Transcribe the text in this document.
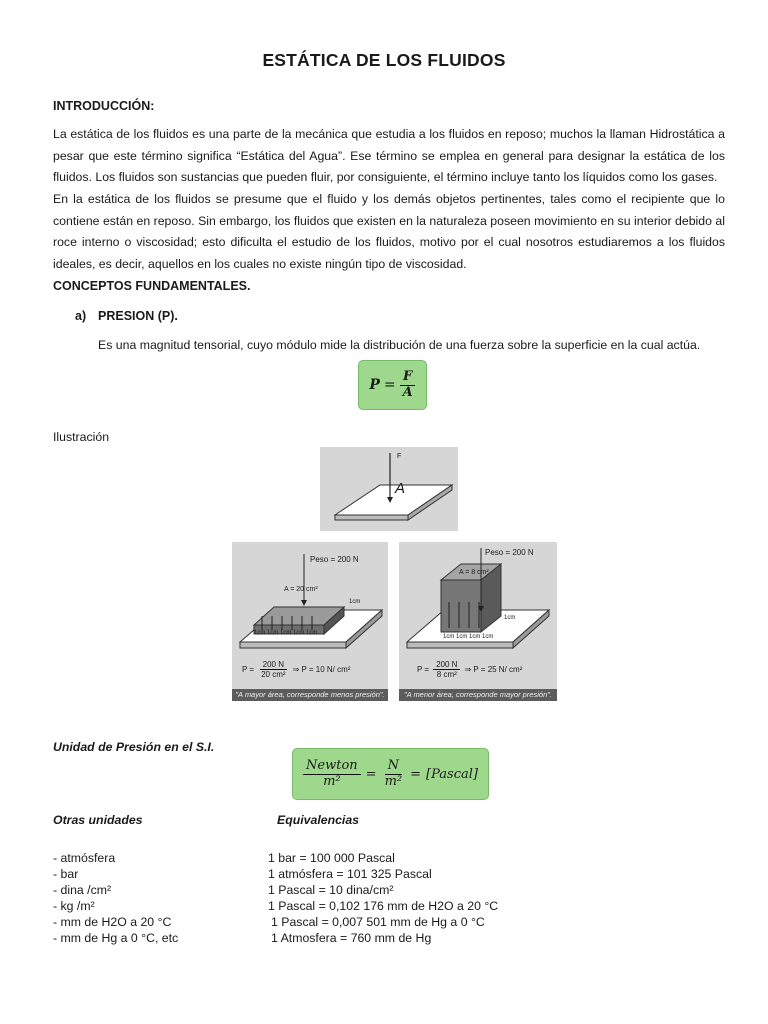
ESTÁTICA DE LOS FLUIDOS
INTRODUCCIÓN:
La estática de los fluidos es una parte de la mecánica que estudia a los fluidos en reposo; muchos la llaman Hidrostática a pesar que este término significa “Estática del Agua”. Ese término se emplea en general para designar la estática de los fluidos. Los fluidos son sustancias que pueden fluir, por consiguiente, el término incluye tanto los líquidos como los gases.
En la estática de los fluidos se presume que el fluido y los demás objetos pertinentes, tales como el recipiente que lo contiene están en reposo. Sin embargo, los fluidos que existen en la naturaleza poseen movimiento en su interior debido al roce interno o viscosidad; esto dificulta el estudio de los fluidos, motivo por el cual nosotros estudiaremos a los fluidos ideales, es decir, aquellos en los cuales no existe ningún tipo de viscosidad.
CONCEPTOS FUNDAMENTALES.
a) PRESION (P).
Es una magnitud tensorial, cuyo módulo mide la distribución de una fuerza sobre la superficie en la cual actúa.
$P = \frac{F}{A}$
Ilustración
F
A
Peso = 200 N
A = 20 cm²
1cm
1cm 1cm 1cm 1cm 1cm
$P = \frac{200 N}{\text{20 cm²}}$ ⇒ P = 10 N/ cm²
"A mayor área, corresponde menos presión".
Peso = 200 N
A = 8 cm²
1cm
1cm 1cm 1cm 1cm
$P = \frac{200 N}{\text{8 cm²}}$ ⇒ P = 25 N/ cm²
"A menor área, corresponde mayor presión".
Unidad de Presión en el S.I.
$\frac{\text{Newton}}{\text{m²}} = \frac{N}{\text{m²}}$ = [Pascal]
Otras unidades	Equivalencias
- atmósfera
- bar
- dina /cm²
- kg /m²
- mm de H2O a 20 °C
- mm de Hg a 0 °C, etc
1 bar = 100 000 Pascal
1 atmósfera = 101 325 Pascal
1 Pascal = 10 dina/cm²
1 Pascal = 0,102 176 mm de H2O a 20 °C
1 Pascal = 0,007 501 mm de Hg a 0 °C
1 Atmosfera = 760 mm de Hg
